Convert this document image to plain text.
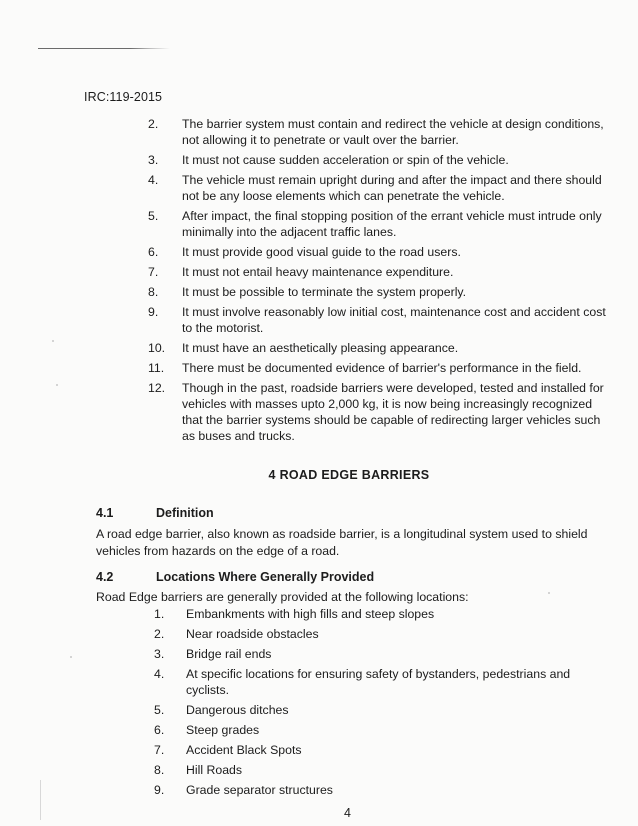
IRC:119-2015
2. The barrier system must contain and redirect the vehicle at design conditions, not allowing it to penetrate or vault over the barrier.
3. It must not cause sudden acceleration or spin of the vehicle.
4. The vehicle must remain upright during and after the impact and there should not be any loose elements which can penetrate the vehicle.
5. After impact, the final stopping position of the errant vehicle must intrude only minimally into the adjacent traffic lanes.
6. It must provide good visual guide to the road users.
7. It must not entail heavy maintenance expenditure.
8. It must be possible to terminate the system properly.
9. It must involve reasonably low initial cost, maintenance cost and accident cost to the motorist.
10. It must have an aesthetically pleasing appearance.
11. There must be documented evidence of barrier's performance in the field.
12. Though in the past, roadside barriers were developed, tested and installed for vehicles with masses upto 2,000 kg, it is now being increasingly recognized that the barrier systems should be capable of redirecting larger vehicles such as buses and trucks.
4 ROAD EDGE BARRIERS
4.1	Definition
A road edge barrier, also known as roadside barrier, is a longitudinal system used to shield vehicles from hazards on the edge of a road.
4.2	Locations Where Generally Provided
Road Edge barriers are generally provided at the following locations:
1. Embankments with high fills and steep slopes
2. Near roadside obstacles
3. Bridge rail ends
4. At specific locations for ensuring safety of bystanders, pedestrians and cyclists.
5. Dangerous ditches
6. Steep grades
7. Accident Black Spots
8. Hill Roads
9. Grade separator structures
4
